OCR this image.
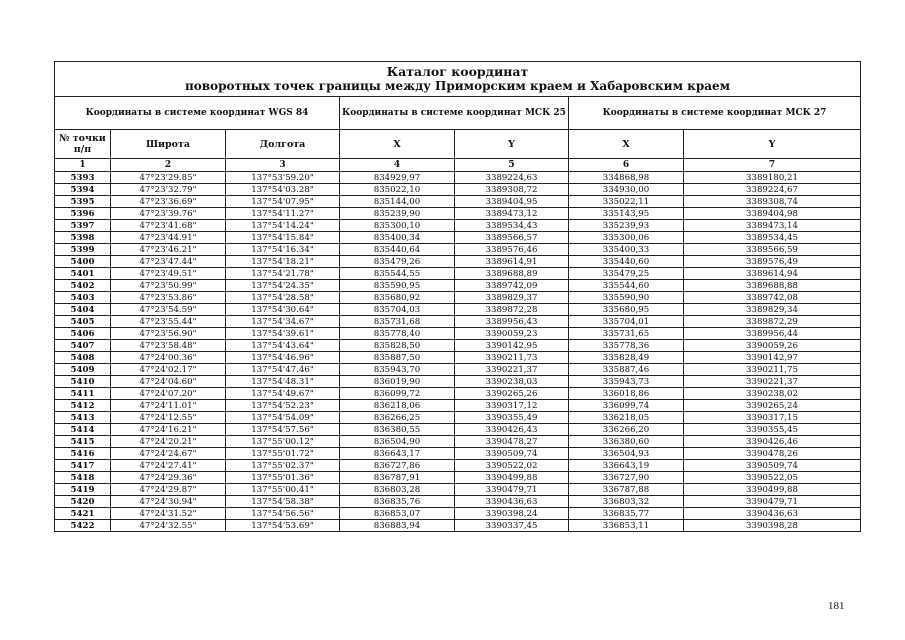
Каталог координат
поворотных точек границы между Приморским краем и Хабаровским краем						

Координаты в системе координат WGS 84			Координаты в системе координат МСК 25		Координаты в системе координат МСК 27	
№ точки п/п	Широта	Долгота	X	Y	X	Y
1	2	3	4	5	6	7
5393	47°23'29.85"	137°53'59.20"	834929,97	3389224,63	334868,98	3389180,21
5394	47°23'32.79"	137°54'03.28"	835022,10	3389308,72	334930,00	3389224,67
5395	47°23'36.69"	137°54'07.95"	835144,00	3389404,95	335022,11	3389308,74
5396	47°23'39.76"	137°54'11.27"	835239,90	3389473,12	335143,95	3389404,98
5397	47°23'41.68"	137°54'14.24"	835300,10	3389534,43	335239,93	3389473,14
5398	47°23'44.91"	137°54'15.84"	835400,34	3389566,57	335300,06	3389534,45
5399	47°23'46.21"	137°54'16.34"	835440,64	3389576,46	335400,33	3389566,59
5400	47°23'47.44"	137°54'18.21"	835479,26	3389614,91	335440,60	3389576,49
5401	47°23'49.51"	137°54'21.78"	835544,55	3389688,89	335479,25	3389614,94
5402	47°23'50.99"	137°54'24.35"	835590,95	3389742,09	335544,60	3389688,88
5403	47°23'53.86"	137°54'28.58"	835680,92	3389829,37	335590,90	3389742,08
5404	47°23'54.59"	137°54'30.64"	835704,03	3389872,28	335680,95	3389829,34
5405	47°23'55.44"	137°54'34.67"	835731,68	3389956,43	335704,01	3389872,29
5406	47°23'56.90"	137°54'39.61"	835778,40	3390059,23	335731,65	3389956,44
5407	47°23'58.48"	137°54'43.64"	835828,50	3390142,95	335778,36	3390059,26
5408	47°24'00.36"	137°54'46.96"	835887,50	3390211,73	335828,49	3390142,97
5409	47°24'02.17"	137°54'47.46"	835943,70	3390221,37	335887,46	3390211,75
5410	47°24'04.60"	137°54'48.31"	836019,90	3390238,03	335943,73	3390221,37
5411	47°24'07.20"	137°54'49.67"	836099,72	3390265,26	336018,86	3390238,02
5412	47°24'11.01"	137°54'52.23"	836218,06	3390317,12	336099,74	3390265,24
5413	47°24'12.55"	137°54'54.09"	836266,25	3390355,49	336218,05	3390317,15
5414	47°24'16.21"	137°54'57.56"	836380,55	3390426,43	336266,20	3390355,45
5415	47°24'20.21"	137°55'00.12"	836504,90	3390478,27	336380,60	3390426,46
5416	47°24'24.67"	137°55'01.72"	836643,17	3390509,74	336504,93	3390478,26
5417	47°24'27.41"	137°55'02.37"	836727,86	3390522,02	336643,19	3390509,74
5418	47°24'29.36"	137°55'01.36"	836787,91	3390499,88	336727,90	3390522,05
5419	47°24'29.87"	137°55'00.41"	836803,28	3390479,71	336787,88	3390499,88
5420	47°24'30.94"	137°54'58.38"	836835,76	3390436,63	336803,32	3390479,71
5421	47°24'31.52"	137°54'56.56"	836853,07	3390398,24	336835,77	3390436,63
5422	47°24'32.55"	137°54'53.69"	836883,94	3390337,45	336853,11	3390398,28
181
